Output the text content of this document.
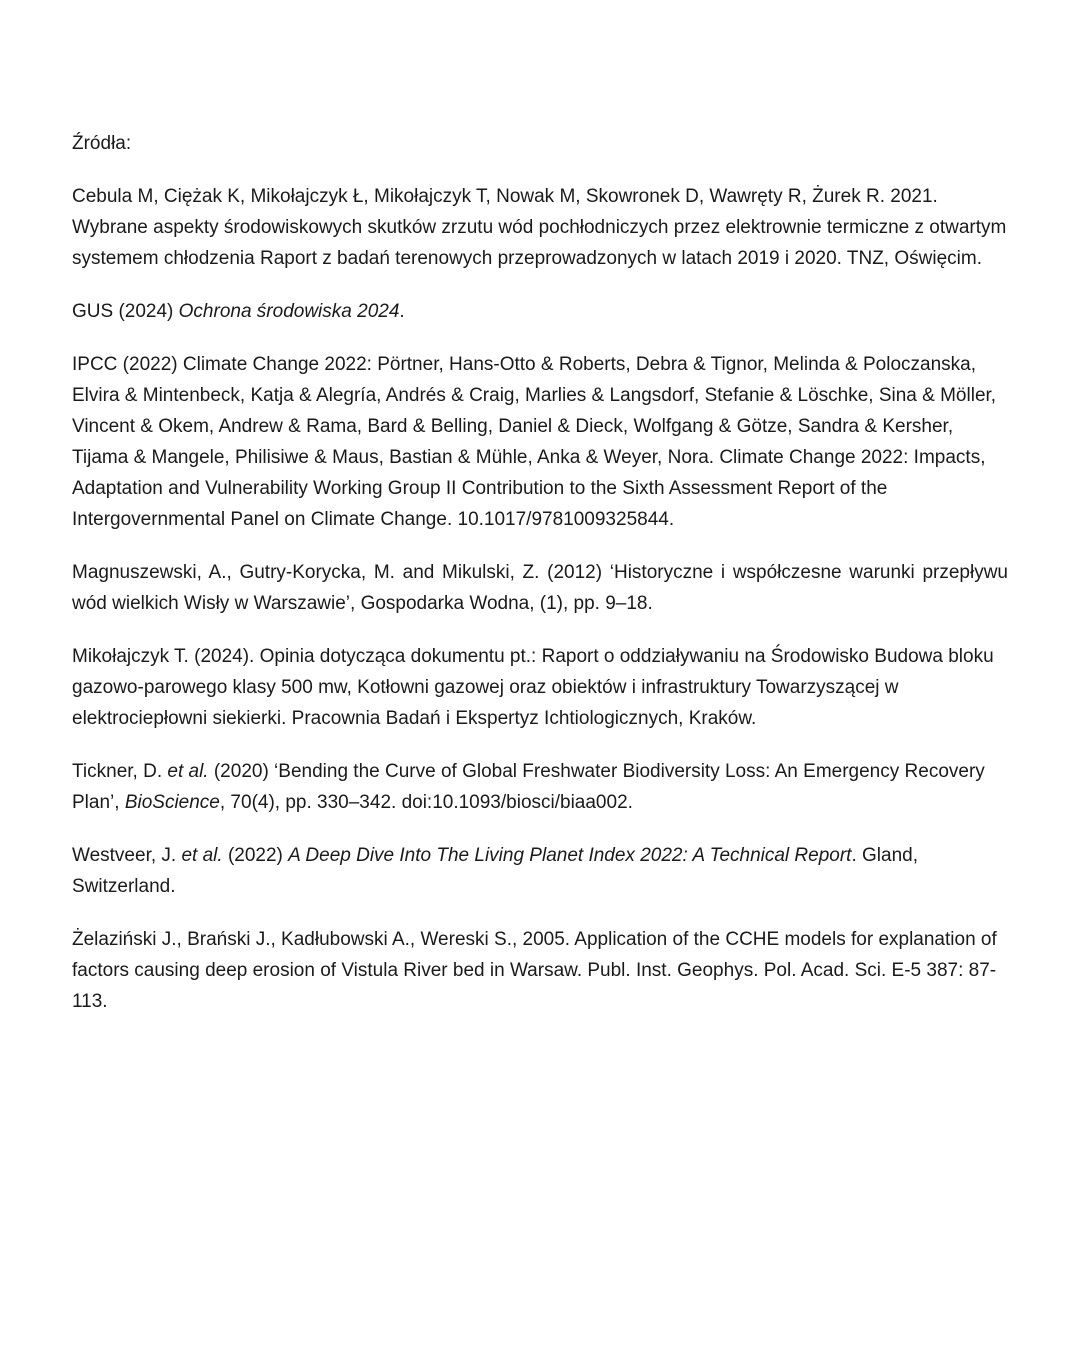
Źródła:

Cebula M, Ciężak K, Mikołajczyk Ł, Mikołajczyk T, Nowak M, Skowronek D, Wawręty R, Żurek R. 2021. Wybrane aspekty środowiskowych skutków zrzutu wód pochłodniczych przez elektrownie termiczne z otwartym systemem chłodzenia Raport z badań terenowych przeprowadzonych w latach 2019 i 2020. TNZ, Oświęcim.

GUS (2024) Ochrona środowiska 2024.

IPCC (2022) Climate Change 2022: Pörtner, Hans-Otto & Roberts, Debra & Tignor, Melinda & Poloczanska, Elvira & Mintenbeck, Katja & Alegría, Andrés & Craig, Marlies & Langsdorf, Stefanie & Löschke, Sina & Möller, Vincent & Okem, Andrew & Rama, Bard & Belling, Daniel & Dieck, Wolfgang & Götze, Sandra & Kersher, Tijama & Mangele, Philisiwe & Maus, Bastian & Mühle, Anka & Weyer, Nora. Climate Change 2022: Impacts, Adaptation and Vulnerability Working Group II Contribution to the Sixth Assessment Report of the Intergovernmental Panel on Climate Change. 10.1017/9781009325844.

Magnuszewski, A., Gutry-Korycka, M. and Mikulski, Z. (2012) ‘Historyczne i współczesne warunki przepływu wód wielkich Wisły w Warszawie’, Gospodarka Wodna, (1), pp. 9–18.

Mikołajczyk T. (2024). Opinia dotycząca dokumentu pt.: Raport o oddziaływaniu na Środowisko Budowa bloku gazowo-parowego klasy 500 mw, Kotłowni gazowej oraz obiektów i infrastruktury Towarzyszącej w elektrociepłowni siekierki. Pracownia Badań i Ekspertyz Ichtiologicznych, Kraków.

Tickner, D. et al. (2020) ‘Bending the Curve of Global Freshwater Biodiversity Loss: An Emergency Recovery Plan’, BioScience, 70(4), pp. 330–342. doi:10.1093/biosci/biaa002.

Westveer, J. et al. (2022) A Deep Dive Into The Living Planet Index 2022: A Technical Report. Gland, Switzerland.

Żelaziński J., Brański J., Kadłubowski A., Wereski S., 2005. Application of the CCHE models for explanation of factors causing deep erosion of Vistula River bed in Warsaw. Publ. Inst. Geophys. Pol. Acad. Sci. E-5 387: 87-113.
